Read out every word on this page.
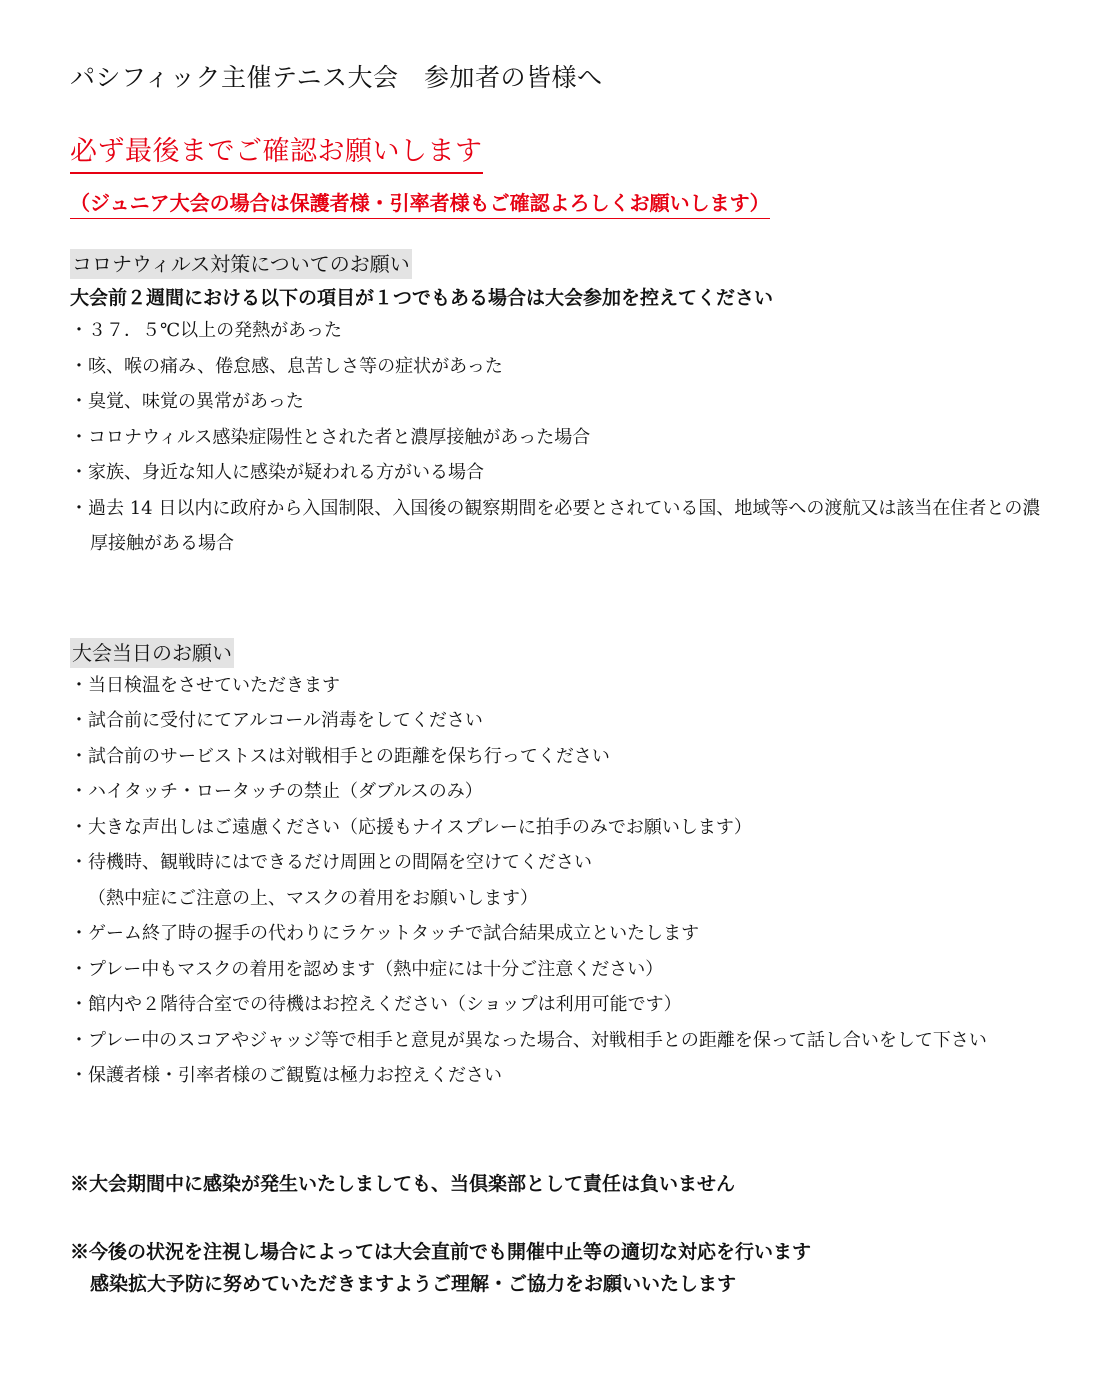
パシフィック主催テニス大会　参加者の皆様へ
必ず最後までご確認お願いします
（ジュニア大会の場合は保護者様・引率者様もご確認よろしくお願いします）
コロナウィルス対策についてのお願い
大会前２週間における以下の項目が１つでもある場合は大会参加を控えてください
・３７．５℃以上の発熱があった
・咳、喉の痛み、倦怠感、息苦しさ等の症状があった
・臭覚、味覚の異常があった
・コロナウィルス感染症陽性とされた者と濃厚接触があった場合
・家族、身近な知人に感染が疑われる方がいる場合
・過去 14 日以内に政府から入国制限、入国後の観察期間を必要とされている国、地域等への渡航又は該当在住者との濃厚接触がある場合
大会当日のお願い
・当日検温をさせていただきます
・試合前に受付にてアルコール消毒をしてください
・試合前のサービストスは対戦相手との距離を保ち行ってください
・ハイタッチ・ロータッチの禁止（ダブルスのみ）
・大きな声出しはご遠慮ください（応援もナイスプレーに拍手のみでお願いします）
・待機時、観戦時にはできるだけ周囲との間隔を空けてください
（熱中症にご注意の上、マスクの着用をお願いします）
・ゲーム終了時の握手の代わりにラケットタッチで試合結果成立といたします
・プレー中もマスクの着用を認めます（熱中症には十分ご注意ください）
・館内や２階待合室での待機はお控えください（ショップは利用可能です）
・プレー中のスコアやジャッジ等で相手と意見が異なった場合、対戦相手との距離を保って話し合いをして下さい
・保護者様・引率者様のご観覧は極力お控えください
※大会期間中に感染が発生いたしましても、当倶楽部として責任は負いません
※今後の状況を注視し場合によっては大会直前でも開催中止等の適切な対応を行います
感染拡大予防に努めていただきますようご理解・ご協力をお願いいたします
